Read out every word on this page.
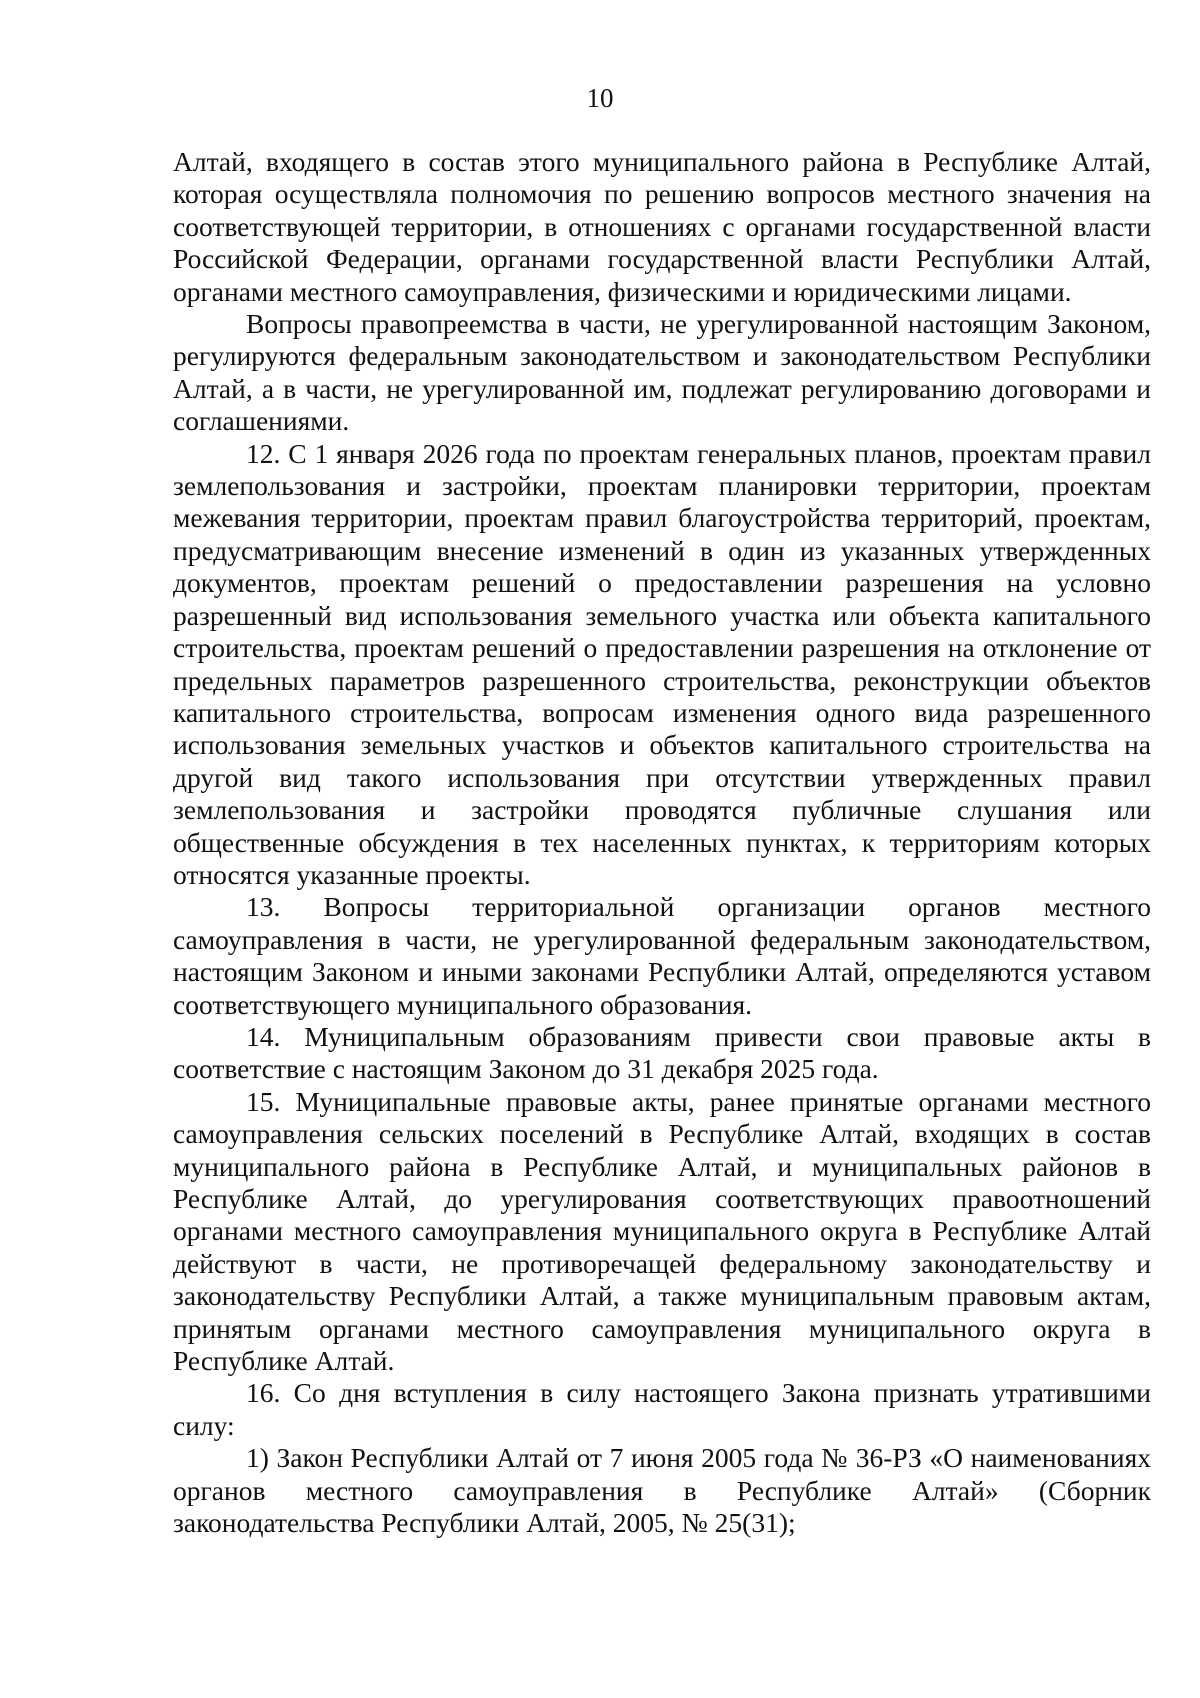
10

Алтай, входящего в состав этого муниципального района в Республике Алтай, которая осуществляла полномочия по решению вопросов местного значения на соответствующей территории, в отношениях с органами государственной власти Российской Федерации, органами государственной власти Республики Алтай, органами местного самоуправления, физическими и юридическими лицами.

Вопросы правопреемства в части, не урегулированной настоящим Законом, регулируются федеральным законодательством и законодательством Республики Алтай, а в части, не урегулированной им, подлежат регулированию договорами и соглашениями.

12. С 1 января 2026 года по проектам генеральных планов, проектам правил землепользования и застройки, проектам планировки территории, проектам межевания территории, проектам правил благоустройства территорий, проектам, предусматривающим внесение изменений в один из указанных утвержденных документов, проектам решений о предоставлении разрешения на условно разрешенный вид использования земельного участка или объекта капитального строительства, проектам решений о предоставлении разрешения на отклонение от предельных параметров разрешенного строительства, реконструкции объектов капитального строительства, вопросам изменения одного вида разрешенного использования земельных участков и объектов капитального строительства на другой вид такого использования при отсутствии утвержденных правил землепользования и застройки проводятся публичные слушания или общественные обсуждения в тех населенных пунктах, к территориям которых относятся указанные проекты.

13. Вопросы территориальной организации органов местного самоуправления в части, не урегулированной федеральным законодательством, настоящим Законом и иными законами Республики Алтай, определяются уставом соответствующего муниципального образования.

14. Муниципальным образованиям привести свои правовые акты в соответствие с настоящим Законом до 31 декабря 2025 года.

15. Муниципальные правовые акты, ранее принятые органами местного самоуправления сельских поселений в Республике Алтай, входящих в состав муниципального района в Республике Алтай, и муниципальных районов в Республике Алтай, до урегулирования соответствующих правоотношений органами местного самоуправления муниципального округа в Республике Алтай действуют в части, не противоречащей федеральному законодательству и законодательству Республики Алтай, а также муниципальным правовым актам, принятым органами местного самоуправления муниципального округа в Республике Алтай.

16. Со дня вступления в силу настоящего Закона признать утратившими силу:

1) Закон Республики Алтай от 7 июня 2005 года № 36-РЗ «О наименованиях органов местного самоуправления в Республике Алтай» (Сборник законодательства Республики Алтай, 2005, № 25(31);
